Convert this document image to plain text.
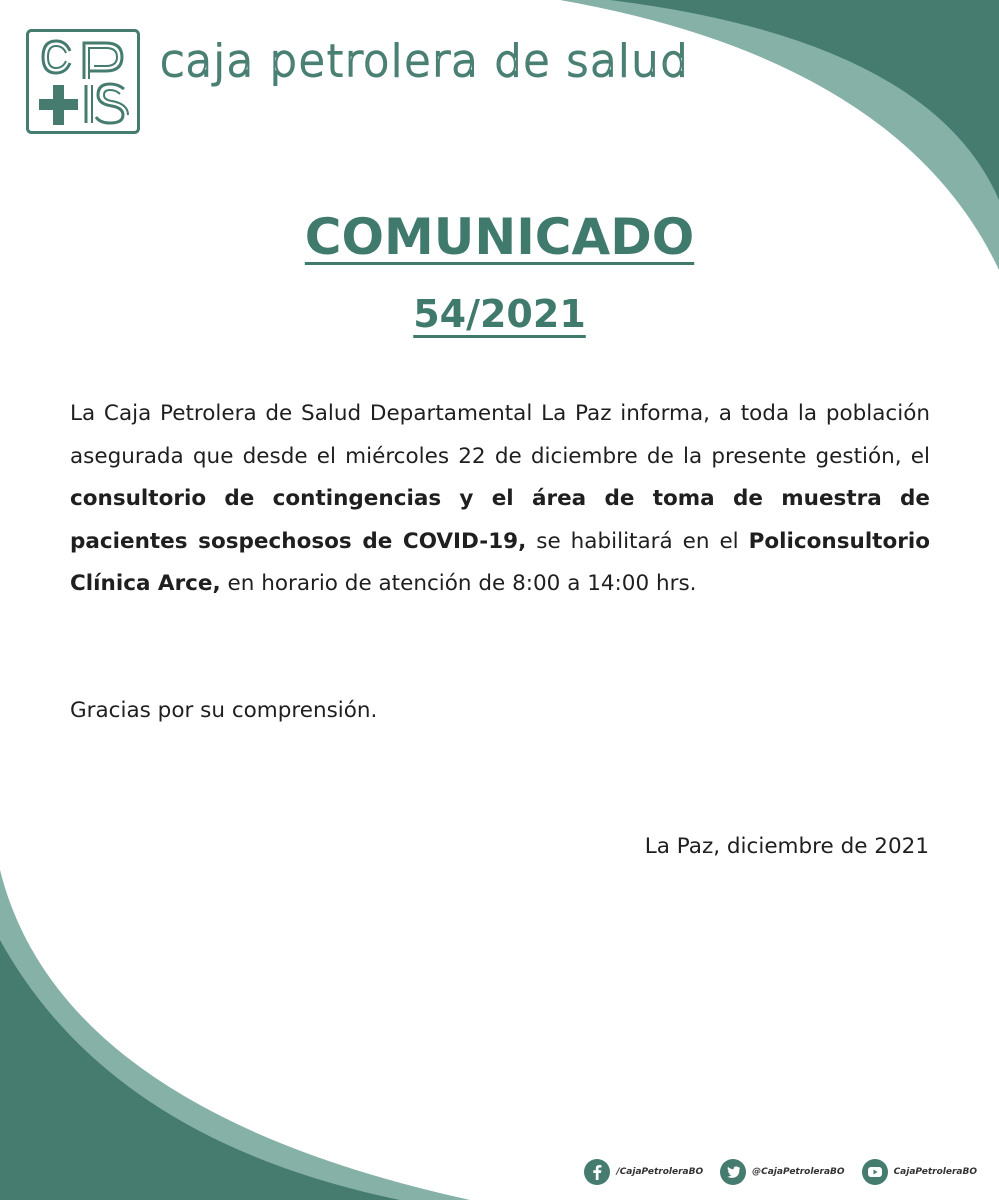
caja petrolera de salud
COMUNICADO
54/2021
La Caja Petrolera de Salud Departamental La Paz informa, a toda la población asegurada que desde el miércoles 22 de diciembre de la presente gestión, el consultorio de contingencias y el área de toma de muestra de pacientes sospechosos de COVID-19, se habilitará en el Policonsultorio Clínica Arce, en horario de atención de 8:00 a 14:00 hrs.
Gracias por su comprensión.
La Paz, diciembre de 2021
/CajaPetroleraBO	@CajaPetroleraBO	CajaPetroleraBO
